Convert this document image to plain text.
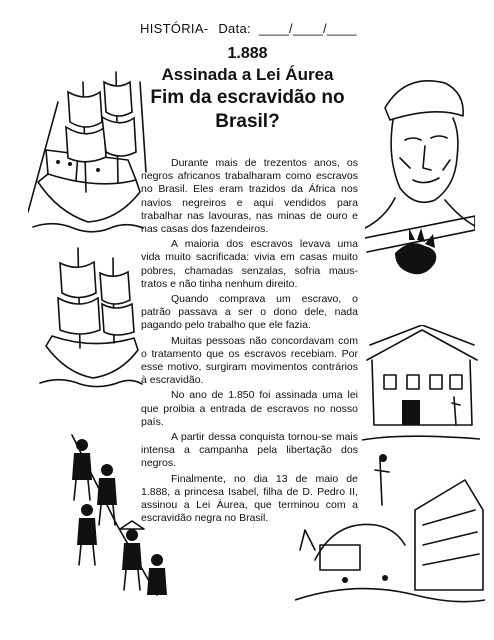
HISTÓRIA- Data: ____/____/____
1.888
Assinada a Lei Áurea
Fim da escravidão no
Brasil?

Durante mais de trezentos anos, os negros africanos trabalharam como escravos no Brasil. Eles eram trazidos da África nos navios negreiros e aqui vendidos para trabalhar nas lavouras, nas minas de ouro e nas casas dos fazendeiros.

A maioria dos escravos levava uma vida muito sacrificada: vivia em casas muito pobres, chamadas senzalas, sofria maus-tratos e não tinha nenhum direito.

Quando comprava um escravo, o patrão passava a ser o dono dele, nada pagando pelo trabalho que ele fazia.

Muitas pessoas não concordavam com o tratamento que os escravos recebiam. Por esse motivo, surgiram movimentos contrários à escravidão.

No ano de 1.850 foi assinada uma lei que proibia a entrada de escravos no nosso país.

A partir dessa conquista tornou-se mais intensa a campanha pela libertação dos negros.

Finalmente, no dia 13 de maio de 1.888, a princesa Isabel, filha de D. Pedro II, assinou a Lei Áurea, que terminou com a escravidão negra no Brasil.
